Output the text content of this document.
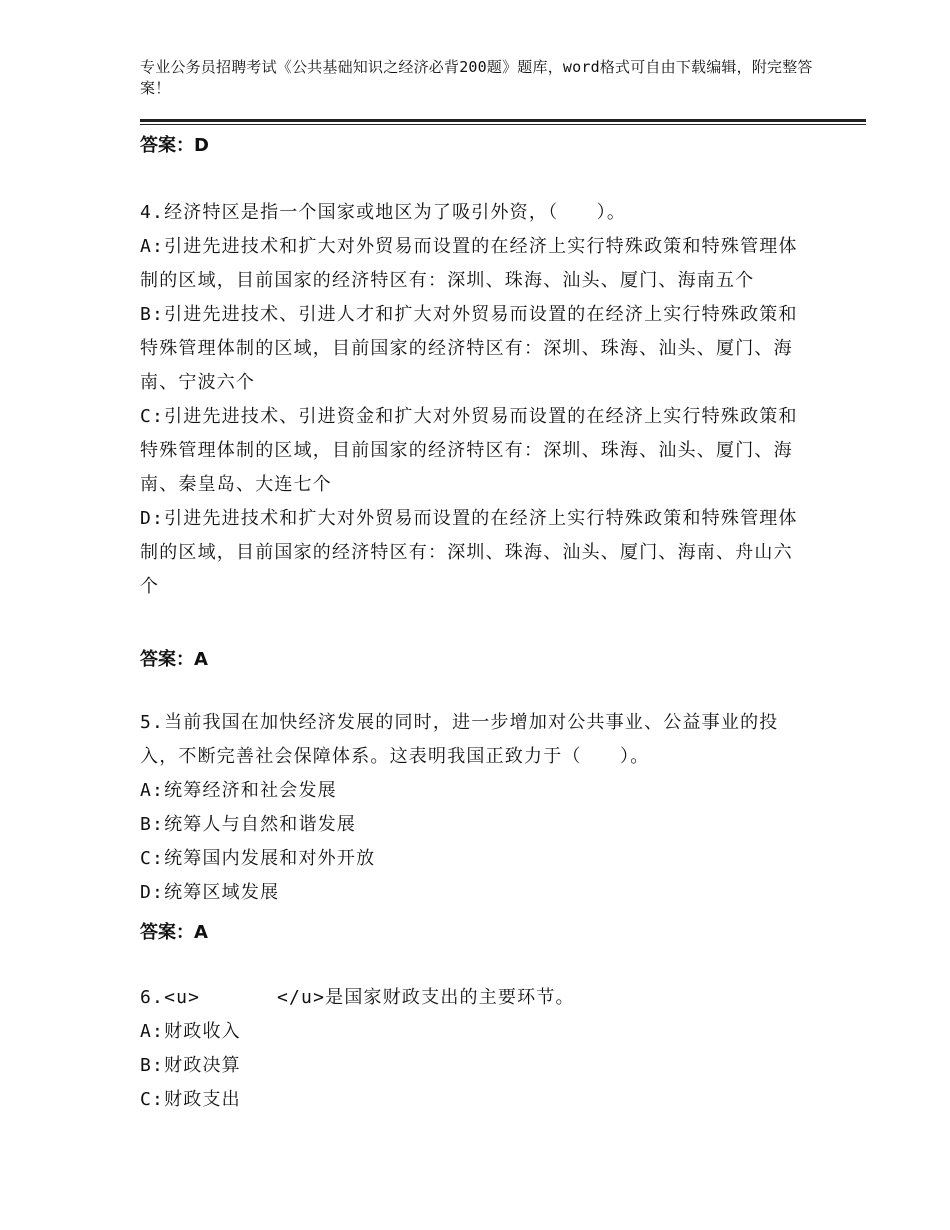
专业公务员招聘考试《公共基础知识之经济必背200题》题库，word格式可自由下载编辑，附完整答案！
答案：D

4.经济特区是指一个国家或地区为了吸引外资，（　　）。

A:引进先进技术和扩大对外贸易而设置的在经济上实行特殊政策和特殊管理体制的区域，目前国家的经济特区有：深圳、珠海、汕头、厦门、海南五个

B:引进先进技术、引进人才和扩大对外贸易而设置的在经济上实行特殊政策和特殊管理体制的区域，目前国家的经济特区有：深圳、珠海、汕头、厦门、海南、宁波六个

C:引进先进技术、引进资金和扩大对外贸易而设置的在经济上实行特殊政策和特殊管理体制的区域，目前国家的经济特区有：深圳、珠海、汕头、厦门、海南、秦皇岛、大连七个

D:引进先进技术和扩大对外贸易而设置的在经济上实行特殊政策和特殊管理体制的区域，目前国家的经济特区有：深圳、珠海、汕头、厦门、海南、舟山六个

答案：A

5.当前我国在加快经济发展的同时，进一步增加对公共事业、公益事业的投入，不断完善社会保障体系。这表明我国正致力于（　　）。

A:统筹经济和社会发展

B:统筹人与自然和谐发展

C:统筹国内发展和对外开放

D:统筹区域发展

答案：A

6.<u>　　　　</u>是国家财政支出的主要环节。

A:财政收入

B:财政决算

C:财政支出
